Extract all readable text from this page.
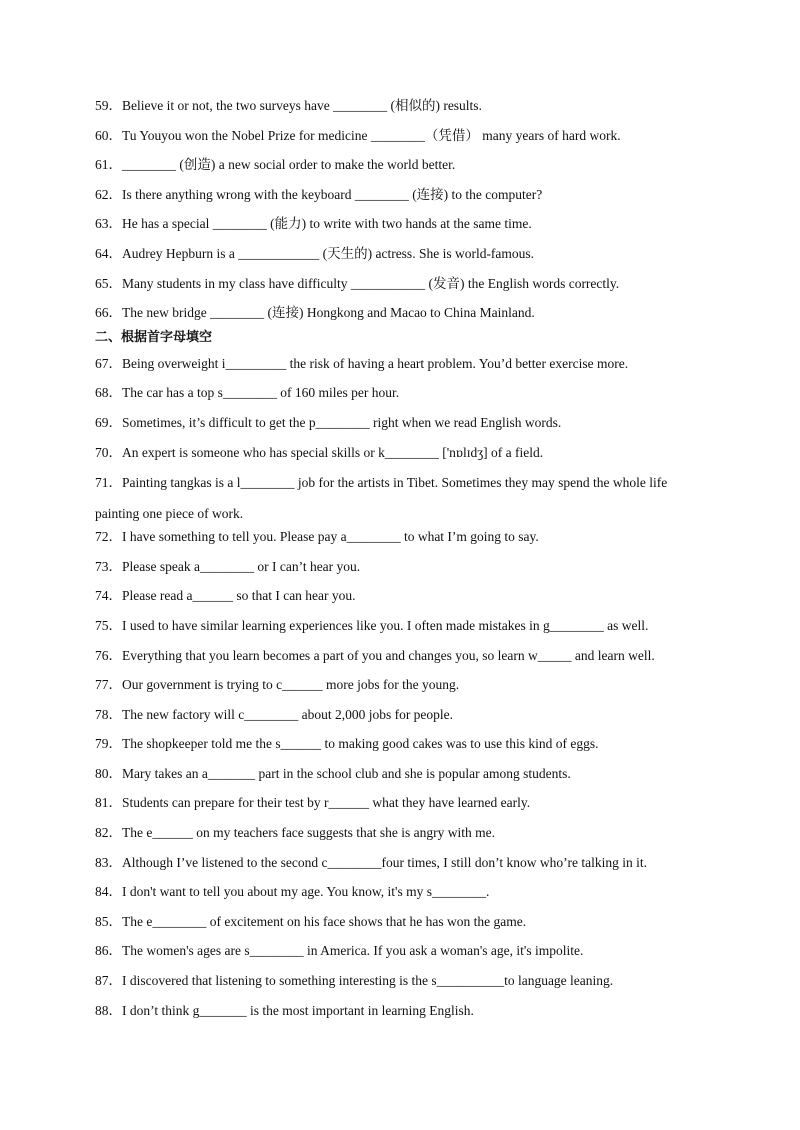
59．Believe it or not, the two surveys have ________ (相似的) results.
60．Tu Youyou won the Nobel Prize for medicine ________（凭借） many years of hard work.
61．________ (创造) a new social order to make the world better.
62．Is there anything wrong with the keyboard ________ (连接) to the computer?
63．He has a special ________ (能力) to write with two hands at the same time.
64．Audrey Hepburn is a ____________ (天生的) actress. She is world-famous.
65．Many students in my class have difficulty ___________ (发音) the English words correctly.
66．The new bridge ________ (连接) Hongkong and Macao to China Mainland.
二、根据首字母填空
67．Being overweight i_________ the risk of having a heart problem. You’d better exercise more.
68．The car has a top s________ of 160 miles per hour.
69．Sometimes, it’s difficult to get the p________ right when we read English words.
70．An expert is someone who has special skills or k________ ['nɒlɪdʒ] of a field.
71．Painting tangkas is a l________ job for the artists in Tibet. Sometimes they may spend the whole life painting one piece of work.
72．I have something to tell you. Please pay a________ to what I’m going to say.
73．Please speak a________ or I can’t hear you.
74．Please read a______ so that I can hear you.
75．I used to have similar learning experiences like you. I often made mistakes in g________ as well.
76．Everything that you learn becomes a part of you and changes you, so learn w_____ and learn well.
77．Our government is trying to c______ more jobs for the young.
78．The new factory will c________ about 2,000 jobs for people.
79．The shopkeeper told me the s______ to making good cakes was to use this kind of eggs.
80．Mary takes an a_______ part in the school club and she is popular among students.
81．Students can prepare for their test by r______ what they have learned early.
82．The e______ on my teachers face suggests that she is angry with me.
83．Although I’ve listened to the second c________four times, I still don’t know who’re talking in it.
84．I don't want to tell you about my age. You know, it's my s________.
85．The e________ of excitement on his face shows that he has won the game.
86．The women's ages are s________ in America. If you ask a woman's age, it's impolite.
87．I discovered that listening to something interesting is the s__________to language leaning.
88．I don’t think g_______ is the most important in learning English.
